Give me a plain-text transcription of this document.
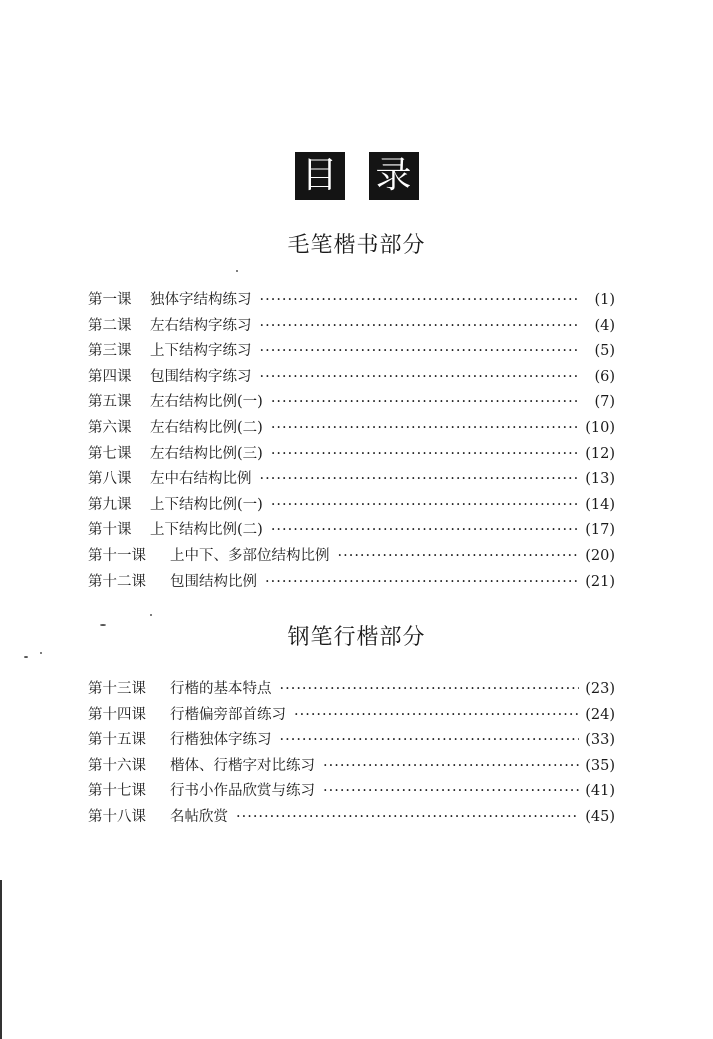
目 录
毛笔楷书部分
第一课	独体字结构练习 ·····	(1)
第二课	左右结构字练习 ·····	(4)
第三课	上下结构字练习 ·····	(5)
第四课	包围结构字练习 ·····	(6)
第五课	左右结构比例(一) ·····	(7)
第六课	左右结构比例(二) ·····	(10)
第七课	左右结构比例(三) ·····	(12)
第八课	左中右结构比例 ·····	(13)
第九课	上下结构比例(一) ·····	(14)
第十课	上下结构比例(二) ·····	(17)
第十一课	上中下、多部位结构比例 ·····	(20)
第十二课	包围结构比例 ·····	(21)
钢笔行楷部分
第十三课	行楷的基本特点 ·····	(23)
第十四课	行楷偏旁部首练习 ·····	(24)
第十五课	行楷独体字练习 ·····	(33)
第十六课	楷体、行楷字对比练习 ·····	(35)
第十七课	行书小作品欣赏与练习 ·····	(41)
第十八课	名帖欣赏 ·····	(45)
